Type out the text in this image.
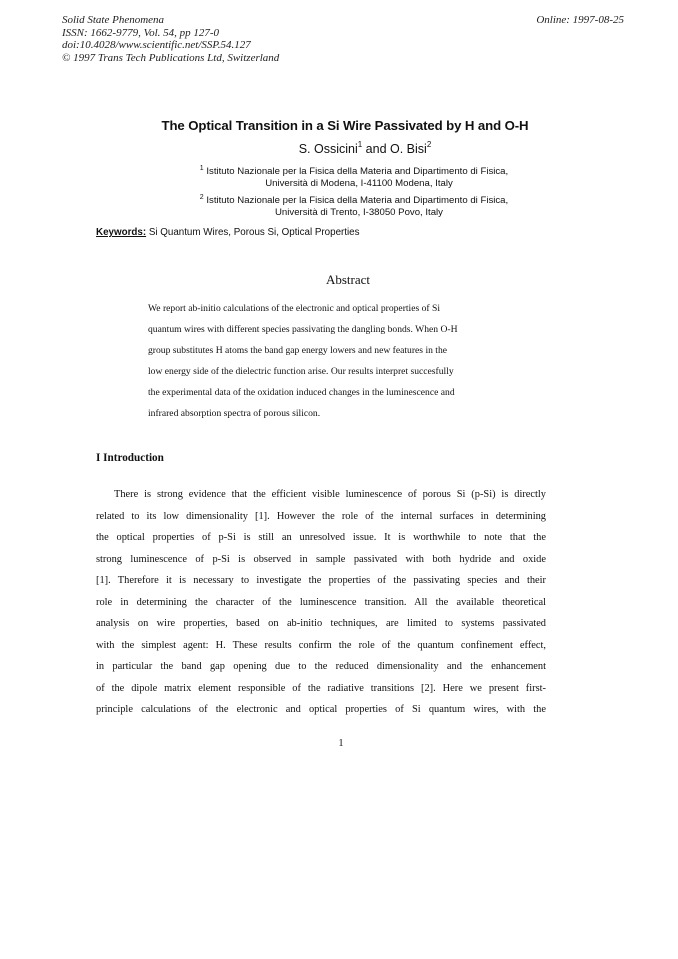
Solid State Phenomena
ISSN: 1662-9779, Vol. 54, pp 127-0
doi:10.4028/www.scientific.net/SSP.54.127
© 1997 Trans Tech Publications Ltd, Switzerland
Online: 1997-08-25
The Optical Transition in a Si Wire Passivated by H and O-H
S. Ossicini$^1$ and O. Bisi$^2$
$^1$ Istituto Nazionale per la Fisica della Materia and Dipartimento di Fisica,
Università di Modena, I-41100 Modena, Italy
$^2$ Istituto Nazionale per la Fisica della Materia and Dipartimento di Fisica,
Università di Trento, I-38050 Povo, Italy
Keywords: Si Quantum Wires, Porous Si, Optical Properties
Abstract
We report ab-initio calculations of the electronic and optical properties of Si
quantum wires with different species passivating the dangling bonds. When O-H
group substitutes H atoms the band gap energy lowers and new features in the
low energy side of the dielectric function arise. Our results interpret succesfully
the experimental data of the oxidation induced changes in the luminescence and
infrared absorption spectra of porous silicon.
I Introduction
There is strong evidence that the efficient visible luminescence of porous Si (p-Si) is directly
related to its low dimensionality [1]. However the role of the internal surfaces in determining
the optical properties of p-Si is still an unresolved issue. It is worthwhile to note that the
strong luminescence of p-Si is observed in sample passivated with both hydride and oxide
[1]. Therefore it is necessary to investigate the properties of the passivating species and their
role in determining the character of the luminescence transition. All the available theoretical
analysis on wire properties, based on ab-initio techniques, are limited to systems passivated
with the simplest agent: H. These results confirm the role of the quantum confinement effect,
in particular the band gap opening due to the reduced dimensionality and the enhancement
of the dipole matrix element responsible of the radiative transitions [2]. Here we present first-
principle calculations of the electronic and optical properties of Si quantum wires, with the
1
